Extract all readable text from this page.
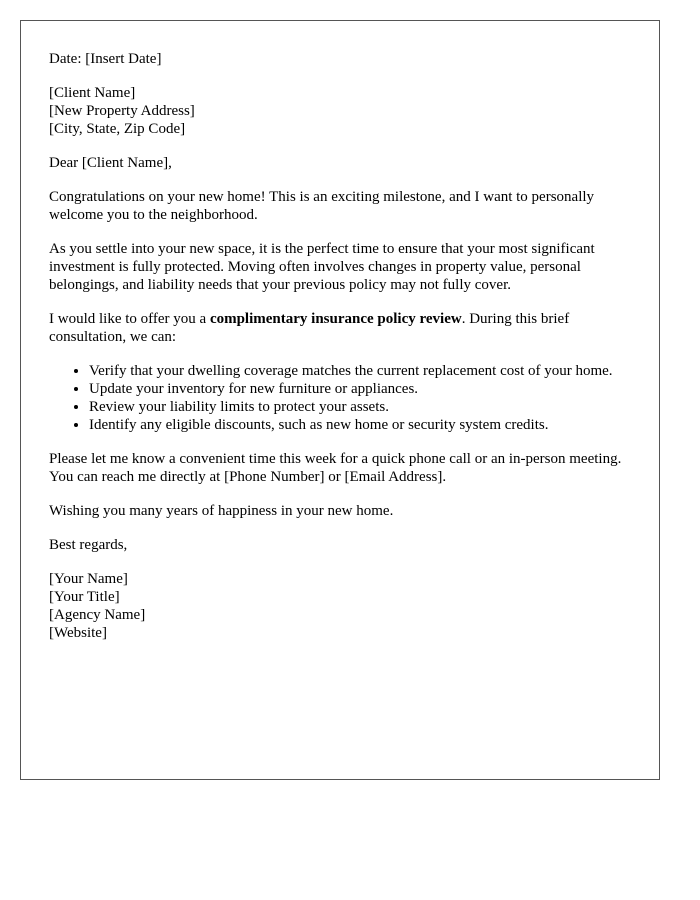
Date: [Insert Date]
[Client Name]
[New Property Address]
[City, State, Zip Code]

Dear [Client Name],

Congratulations on your new home! This is an exciting milestone, and I want to personally welcome you to the neighborhood.

As you settle into your new space, it is the perfect time to ensure that your most significant investment is fully protected. Moving often involves changes in property value, personal belongings, and liability needs that your previous policy may not fully cover.

I would like to offer you a complimentary insurance policy review. During this brief consultation, we can:

• Verify that your dwelling coverage matches the current replacement cost of your home.
• Update your inventory for new furniture or appliances.
• Review your liability limits to protect your assets.
• Identify any eligible discounts, such as new home or security system credits.

Please let me know a convenient time this week for a quick phone call or an in-person meeting. You can reach me directly at [Phone Number] or [Email Address].

Wishing you many years of happiness in your new home.

Best regards,

[Your Name]
[Your Title]
[Agency Name]
[Website]
